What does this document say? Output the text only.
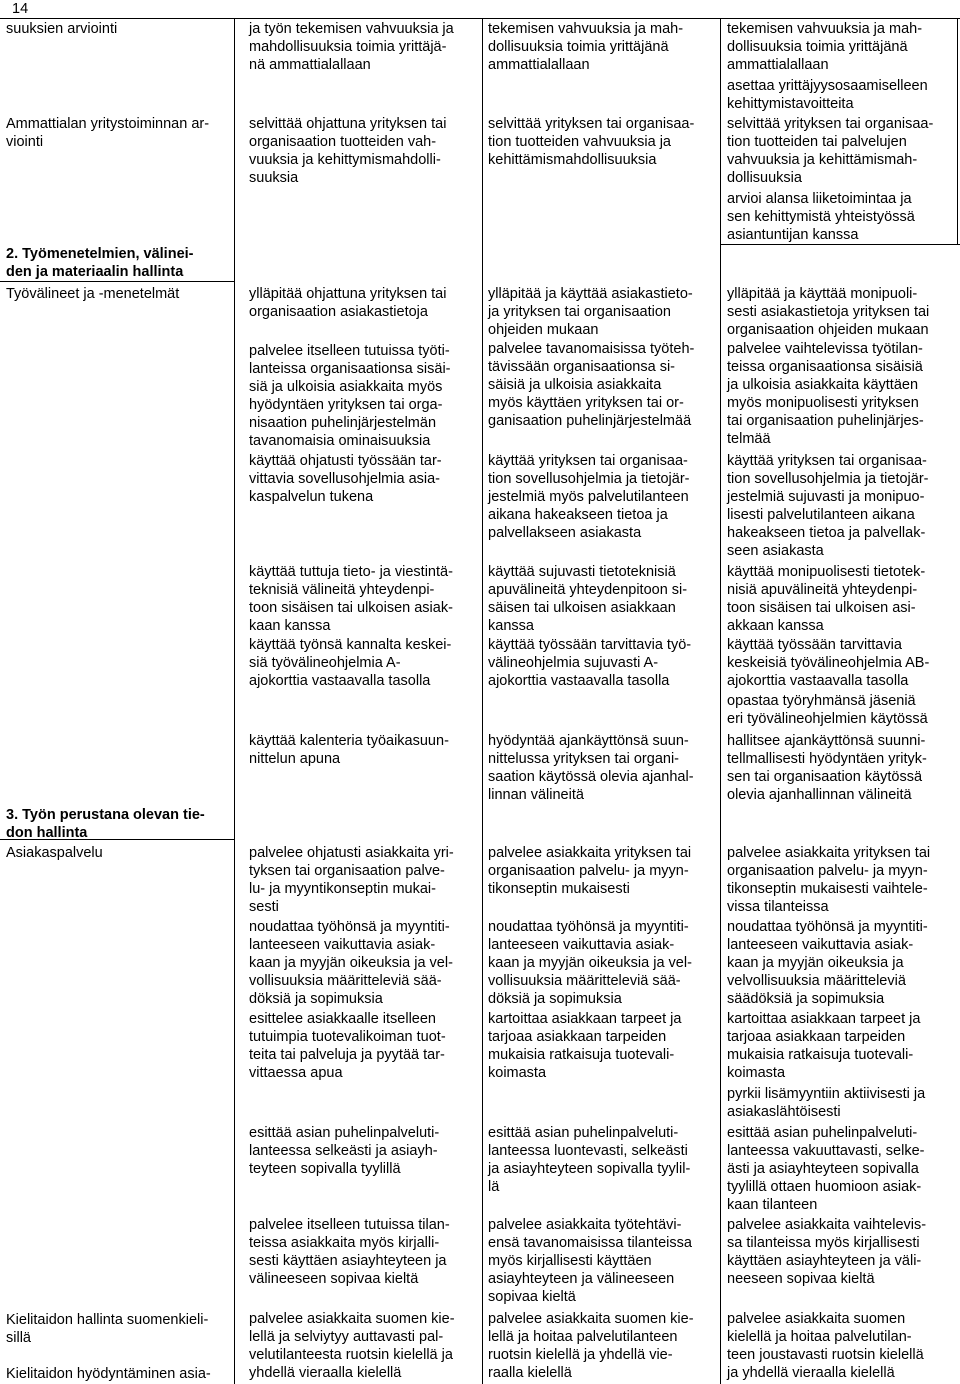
14
suuksien arviointi
Ammattialan yritystoiminnan ar-
viointi
2. Työmenetelmien, välinei-
den ja materiaalin hallinta
Työvälineet ja -menetelmät
3. Työn perustana olevan tie-
don hallinta
Asiakaspalvelu
Kielitaidon hallinta suomenkieli-
sillä
Kielitaidon hyödyntäminen asia-
ja työn tekemisen vahvuuksia ja
mahdollisuuksia toimia yrittäjä-
nä ammattialallaan
selvittää ohjattuna yrityksen tai
organisaation tuotteiden vah-
vuuksia ja kehittymismahdolli-
suuksia
ylläpitää ohjattuna yrityksen tai
organisaation asiakastietoja
palvelee itselleen tutuissa työti-
lanteissa organisaationsa sisäi-
siä ja ulkoisia asiakkaita myös
hyödyntäen yrityksen tai orga-
nisaation puhelinjärjestelmän
tavanomaisia ominaisuuksia
käyttää ohjatusti työssään tar-
vittavia sovellusohjelmia asia-
kaspalvelun tukena
käyttää tuttuja tieto- ja viestintä-
teknisiä välineitä yhteydenpi-
toon sisäisen tai ulkoisen asiak-
kaan kanssa
käyttää työnsä kannalta keskei-
siä työvälineohjelmia A-
ajokorttia vastaavalla tasolla
käyttää kalenteria työaikasuun-
nittelun apuna
palvelee ohjatusti asiakkaita yri-
tyksen tai organisaation palve-
lu- ja myyntikonseptin mukai-
sesti
noudattaa työhönsä ja myyntiti-
lanteeseen vaikuttavia asiak-
kaan ja myyjän oikeuksia ja vel-
vollisuuksia määritteleviä sää-
döksiä ja sopimuksia
esittelee asiakkaalle itselleen
tutuimpia tuotevalikoiman tuot-
teita tai palveluja ja pyytää tar-
vittaessa apua
esittää asian puhelinpalveluti-
lanteessa selkeästi ja asiayh-
teyteen sopivalla tyylillä
palvelee itselleen tutuissa tilan-
teissa asiakkaita myös kirjalli-
sesti käyttäen asiayhteyteen ja
välineeseen sopivaa kieltä
palvelee asiakkaita suomen kie-
lellä ja selviytyy auttavasti pal-
velutilanteesta ruotsin kielellä ja
yhdellä vieraalla kielellä
tekemisen vahvuuksia ja mah-
dollisuuksia toimia yrittäjänä
ammattialallaan
selvittää yrityksen tai organisaa-
tion tuotteiden vahvuuksia ja
kehittämismahdollisuuksia
ylläpitää ja käyttää asiakastieto-
ja yrityksen tai organisaation
ohjeiden mukaan
palvelee tavanomaisissa työteh-
tävissään organisaationsa si-
säisiä ja ulkoisia asiakkaita
myös käyttäen yrityksen tai or-
ganisaation puhelinjärjestelmää
käyttää yrityksen tai organisaa-
tion sovellusohjelmia ja tietojär-
jestelmiä myös palvelutilanteen
aikana hakeakseen tietoa ja
palvellakseen asiakasta
käyttää sujuvasti tietoteknisiä
apuvälineitä yhteydenpitoon si-
säisen tai ulkoisen asiakkaan
kanssa
käyttää työssään tarvittavia työ-
välineohjelmia sujuvasti A-
ajokorttia vastaavalla tasolla
hyödyntää ajankäyttönsä suun-
nittelussa yrityksen tai organi-
saation käytössä olevia ajanhal-
linnan välineitä
palvelee asiakkaita yrityksen tai
organisaation palvelu- ja myyn-
tikonseptin mukaisesti
noudattaa työhönsä ja myyntiti-
lanteeseen vaikuttavia asiak-
kaan ja myyjän oikeuksia ja vel-
vollisuuksia määritteleviä sää-
döksiä ja sopimuksia
kartoittaa asiakkaan tarpeet ja
tarjoaa asiakkaan tarpeiden
mukaisia ratkaisuja tuotevali-
koimasta
esittää asian puhelinpalveluti-
lanteessa luontevasti, selkeästi
ja asiayhteyteen sopivalla tyylil-
lä
palvelee asiakkaita työtehtävi-
ensä tavanomaisissa tilanteissa
myös kirjallisesti käyttäen
asiayhteyteen ja välineeseen
sopivaa kieltä
palvelee asiakkaita suomen kie-
lellä ja hoitaa palvelutilanteen
ruotsin kielellä ja yhdellä vie-
raalla kielellä
tekemisen vahvuuksia ja mah-
dollisuuksia toimia yrittäjänä
ammattialallaan
asettaa yrittäjyysosaamiselleen
kehittymistavoitteita
selvittää yrityksen tai organisaa-
tion tuotteiden tai palvelujen
vahvuuksia ja kehittämismah-
dollisuuksia
arvioi alansa liiketoimintaa ja
sen kehittymistä yhteistyössä
asiantuntijan kanssa
ylläpitää ja käyttää monipuoli-
sesti asiakastietoja yrityksen tai
organisaation ohjeiden mukaan
palvelee vaihtelevissa työtilan-
teissa organisaationsa sisäisiä
ja ulkoisia asiakkaita käyttäen
myös monipuolisesti yrityksen
tai organisaation puhelinjärjes-
telmää
käyttää yrityksen tai organisaa-
tion sovellusohjelmia ja tietojär-
jestelmiä sujuvasti ja monipuo-
lisesti palvelutilanteen aikana
hakeakseen tietoa ja palvellak-
seen asiakasta
käyttää monipuolisesti tietotek-
nisiä apuvälineitä yhteydenpi-
toon sisäisen tai ulkoisen asi-
akkaan kanssa
käyttää työssään tarvittavia
keskeisiä työvälineohjelmia AB-
ajokorttia vastaavalla tasolla
opastaa työryhmänsä jäseniä
eri työvälineohjelmien käytössä
hallitsee ajankäyttönsä suunni-
tellmallisesti hyödyntäen yrityk-
sen tai organisaation käytössä
olevia ajanhallinnan välineitä
palvelee asiakkaita yrityksen tai
organisaation palvelu- ja myyn-
tikonseptin mukaisesti vaihtele-
vissa tilanteissa
noudattaa työhönsä ja myyntiti-
lanteeseen vaikuttavia asiak-
kaan ja myyjän oikeuksia ja
velvollisuuksia määritteleviä
säädöksiä ja sopimuksia
kartoittaa asiakkaan tarpeet ja
tarjoaa asiakkaan tarpeiden
mukaisia ratkaisuja tuotevali-
koimasta
pyrkii lisämyyntiin aktiivisesti ja
asiakaslähtöisesti
esittää asian puhelinpalveluti-
lanteessa vakuuttavasti, selke-
ästi ja asiayhteyteen sopivalla
tyylillä ottaen huomioon asiak-
kaan tilanteen
palvelee asiakkaita vaihtelevis-
sa tilanteissa myös kirjallisesti
käyttäen asiayhteyteen ja väli-
neeseen sopivaa kieltä
palvelee asiakkaita suomen
kielellä ja hoitaa palvelutilan-
teen joustavasti ruotsin kielellä
ja yhdellä vieraalla kielellä
